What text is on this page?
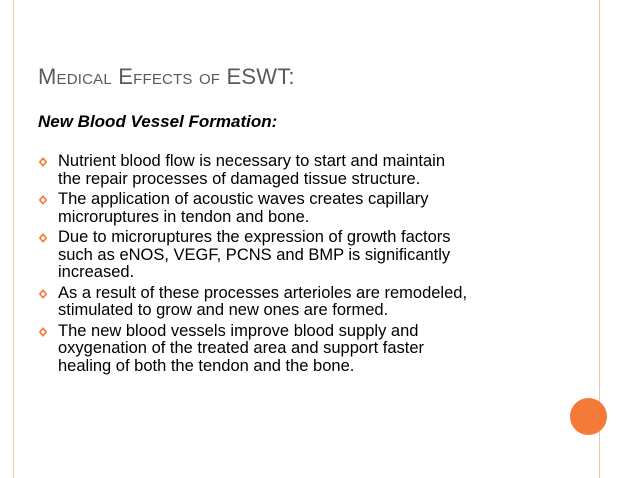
Medical Effects of ESWT:
New Blood Vessel Formation:
Nutrient blood flow is necessary to start and maintain
the repair processes of damaged tissue structure.
The application of acoustic waves creates capillary
microruptures in tendon and bone.
Due to microruptures the expression of growth factors
such as eNOS, VEGF, PCNS and BMP is significantly
increased.
As a result of these processes arterioles are remodeled,
stimulated to grow and new ones are formed.
The new blood vessels improve blood supply and
oxygenation of the treated area and support faster
healing of both the tendon and the bone.
